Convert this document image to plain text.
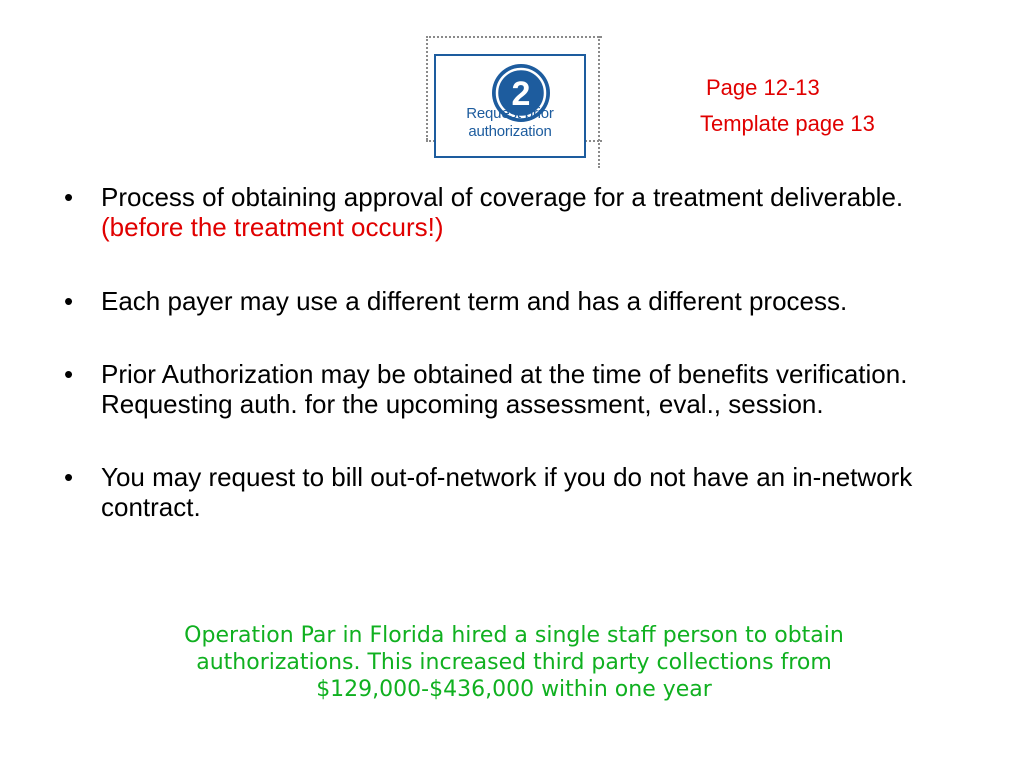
2
Request prior
authorization
Page 12-13
Template page 13
•	Process of obtaining approval of coverage for a treatment deliverable. (before the treatment occurs!)
•	Each payer may use a different term and has a different process.
•	Prior Authorization may be obtained at the time of benefits verification. Requesting auth. for the upcoming assessment, eval., session.
•	You may request to bill out-of-network if you do not have an in-network contract.
Operation Par in Florida hired a single staff person to obtain
authorizations. This increased third party collections from
$129,000-$436,000 within one year
